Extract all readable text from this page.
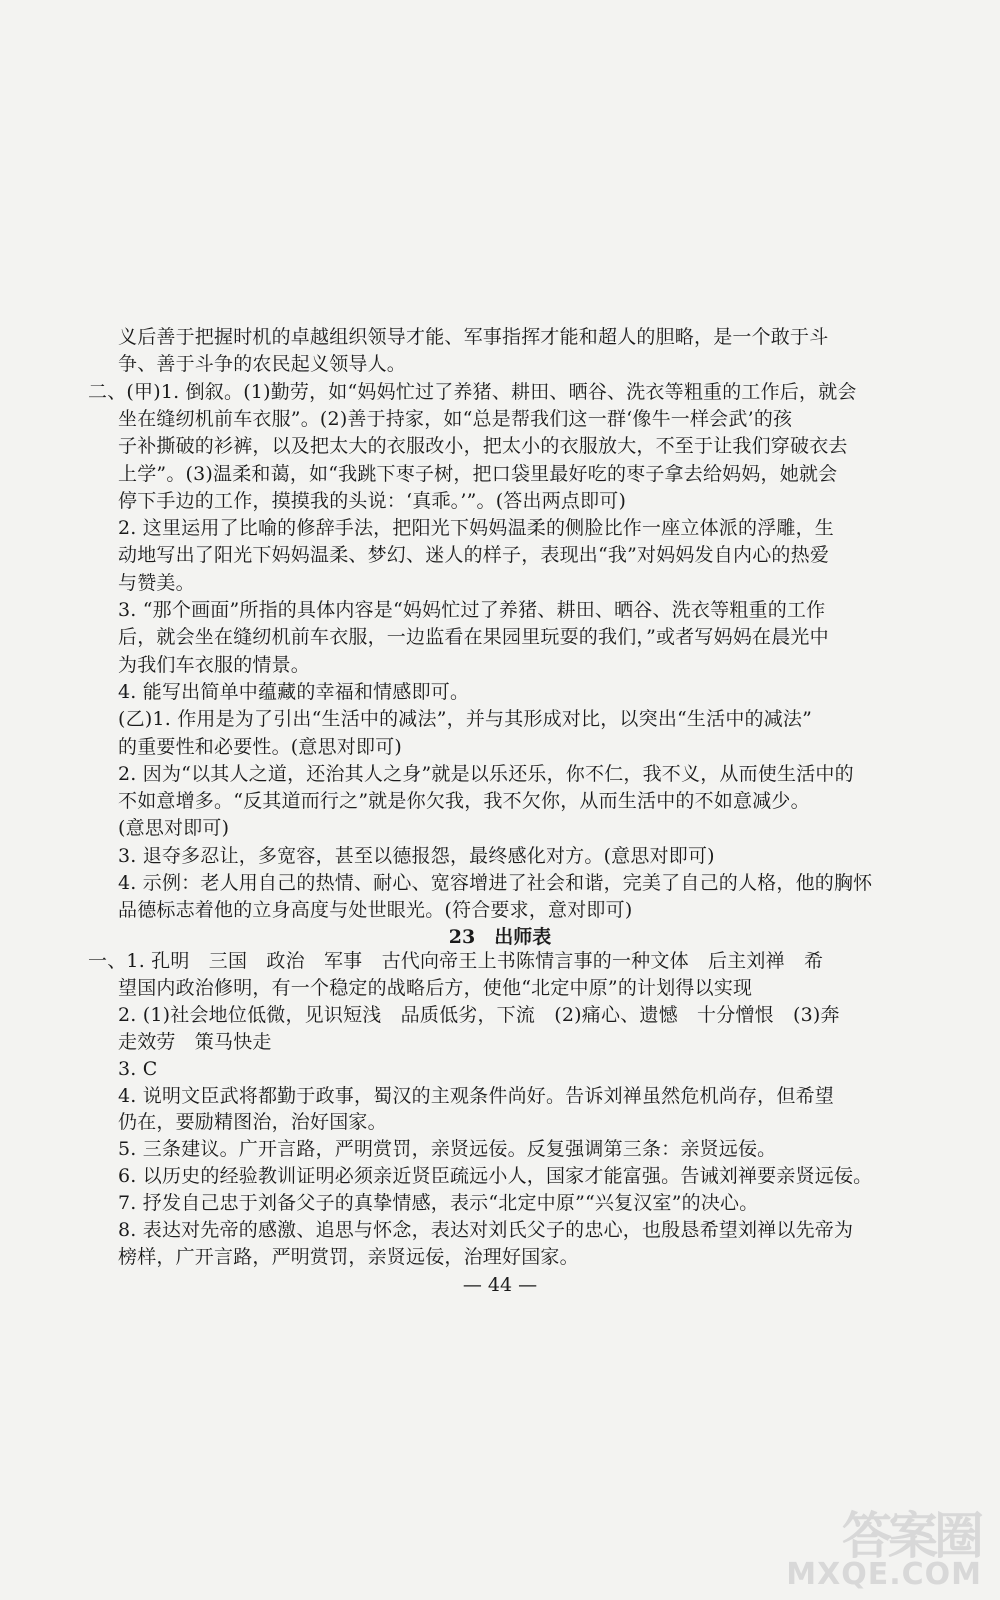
义后善于把握时机的卓越组织领导才能、军事指挥才能和超人的胆略，是一个敢于斗
争、善于斗争的农民起义领导人。
二、(甲)1. 倒叙。(1)勤劳，如“妈妈忙过了养猪、耕田、晒谷、洗衣等粗重的工作后，就会
坐在缝纫机前车衣服”。(2)善于持家，如“总是帮我们这一群‘像牛一样会武’的孩
子补撕破的衫裤，以及把太大的衣服改小，把太小的衣服放大，不至于让我们穿破衣去
上学”。(3)温柔和蔼，如“我跳下枣子树，把口袋里最好吃的枣子拿去给妈妈，她就会
停下手边的工作，摸摸我的头说：‘真乖。’”。(答出两点即可)
2. 这里运用了比喻的修辞手法，把阳光下妈妈温柔的侧脸比作一座立体派的浮雕，生
动地写出了阳光下妈妈温柔、梦幻、迷人的样子，表现出“我”对妈妈发自内心的热爱
与赞美。
3. “那个画面”所指的具体内容是“妈妈忙过了养猪、耕田、晒谷、洗衣等粗重的工作
后，就会坐在缝纫机前车衣服，一边监看在果园里玩耍的我们，”或者写妈妈在晨光中
为我们车衣服的情景。
4. 能写出简单中蕴藏的幸福和情感即可。
(乙)1. 作用是为了引出“生活中的减法”，并与其形成对比，以突出“生活中的减法”
的重要性和必要性。(意思对即可)
2. 因为“以其人之道，还治其人之身”就是以乐还乐，你不仁，我不义，从而使生活中的
不如意增多。“反其道而行之”就是你欠我，我不欠你，从而生活中的不如意减少。
(意思对即可)
3. 退夺多忍让，多宽容，甚至以德报怨，最终感化对方。(意思对即可)
4. 示例：老人用自己的热情、耐心、宽容增进了社会和谐，完美了自己的人格，他的胸怀
品德标志着他的立身高度与处世眼光。(符合要求，意对即可)
23　出师表
一、1. 孔明　三国　政治　军事　古代向帝王上书陈情言事的一种文体　后主刘禅　希
望国内政治修明，有一个稳定的战略后方，使他“北定中原”的计划得以实现
2. (1)社会地位低微，见识短浅　品质低劣，下流　(2)痛心、遗憾　十分憎恨　(3)奔
走效劳　策马快走
3. C
4. 说明文臣武将都勤于政事，蜀汉的主观条件尚好。告诉刘禅虽然危机尚存，但希望
仍在，要励精图治，治好国家。
5. 三条建议。广开言路，严明赏罚，亲贤远佞。反复强调第三条：亲贤远佞。
6. 以历史的经验教训证明必须亲近贤臣疏远小人，国家才能富强。告诫刘禅要亲贤远佞。
7. 抒发自己忠于刘备父子的真挚情感，表示“北定中原”“兴复汉室”的决心。
8. 表达对先帝的感激、追思与怀念，表达对刘氏父子的忠心，也殷恳希望刘禅以先帝为
榜样，广开言路，严明赏罚，亲贤远佞，治理好国家。
— 44 —
答案圈
MXQE.COM
